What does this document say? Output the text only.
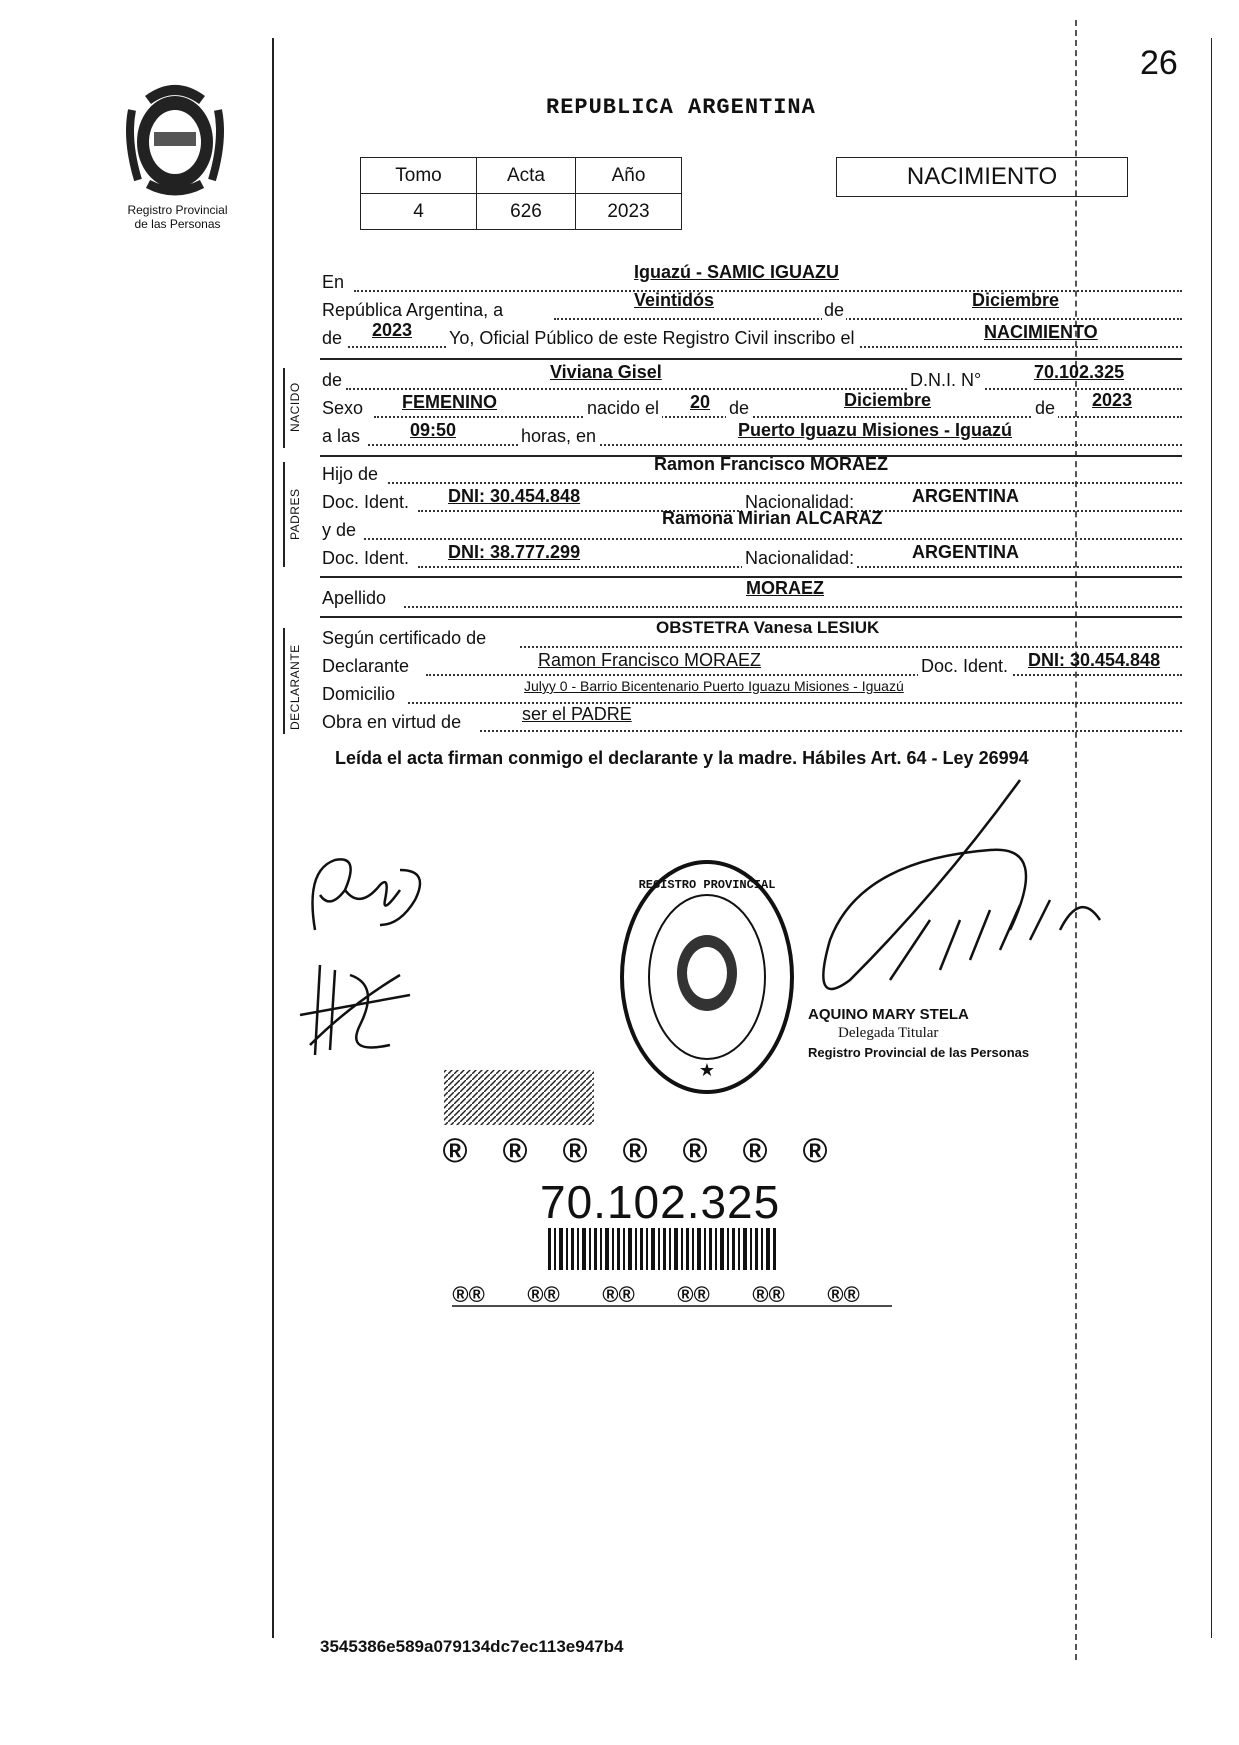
26
Registro Provincial
de las Personas
REPUBLICA ARGENTINA
Tomo	Acta	Año
4	626	2023
NACIMIENTO
En	Iguazú - SAMIC IGUAZU
República Argentina, a	Veintidós	de	Diciembre
de 2023 Yo, Oficial Público de este Registro Civil inscribo el	NACIMIENTO
NACIDO
de	Viviana Gisel	D.N.I. N°	70.102.325
Sexo FEMENINO	nacido el 20 de	Diciembre	de 2023
a las	09:50	horas, en	Puerto Iguazu Misiones - Iguazú
PADRES
Hijo de	Ramon Francisco MORAEZ
Doc. Ident. DNI: 30.454.848	Nacionalidad:	ARGENTINA
y de
Ramona Mirian ALCARAZ
Doc. Ident. DNI: 38.777.299	Nacionalidad:	ARGENTINA
Apellido	MORAEZ
DECLARANTE
Según certificado de
OBSTETRA Vanesa LESIUK
Declarante	Ramon Francisco MORAEZ	Doc. Ident. DNI: 30.454.848
Domicilio	Julyy 0 - Barrio Bicentenario Puerto Iguazu Misiones - Iguazú
Obra en virtud de	ser el PADRE
Leída el acta firman conmigo el declarante y la madre. Hábiles Art. 64 - Ley 26994
REGISTRO PROVINCIAL
★
AQUINO MARY STELA
Delegada Titular
Registro Provincial de las Personas
® ® ® ® ® ® ®
70.102.325
®® ®® ®® ®® ®® ®®
3545386e589a079134dc7ec113e947b4
